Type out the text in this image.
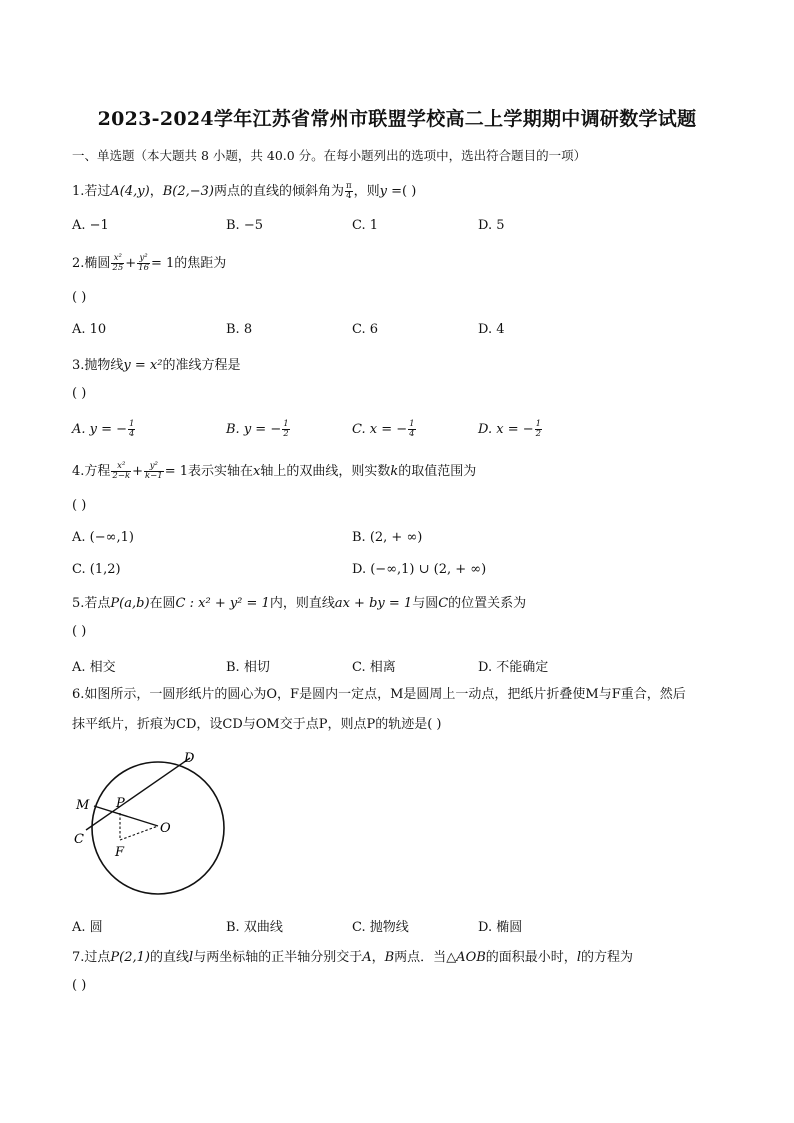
2023-2024学年江苏省常州市联盟学校高二上学期期中调研数学试题
一、单选题（本大题共 8 小题，共 40.0 分。在每小题列出的选项中，选出符合题目的一项）
1.若过A(4,y)，B(2,−3)两点的直线的倾斜角为 $\frac{\pi}{4}$ ，则y =( )
A. −1	B. −5	C. 1	D. 5
2.椭圆 $\frac{\text{x²}}{25} + \frac{\text{y²}}{16} = 1$的焦距为
( )
A. 10	B. 8	C. 6	D. 4
3.抛物线y = x²的准线方程是
( )
A. y = − $\frac{1}{4}$	B. y = − $\frac{1}{2}$	C. x = − $\frac{1}{4}$	D. x = − $\frac{1}{2}$
4.方程 $\frac{\text{x²}}{2-k} + \frac{\text{y²}}{k-1} = 1$表示实轴在x轴上的双曲线，则实数k的取值范围为
( )
A. (−∞,1)	B. (2, + ∞)
C. (1,2)	D. (−∞,1) ∪ (2, + ∞)
5.若点P(a,b)在圆C : x² + y² = 1内，则直线ax + by = 1与圆C的位置关系为
( )
A. 相交	B. 相切	C. 相离	D. 不能确定
6.如图所示，一圆形纸片的圆心为O，F是圆内一定点，M是圆周上一动点，把纸片折叠使M与F重合，然后
抹平纸片，折痕为CD，设CD与OM交于点P，则点P的轨迹是( )
D
M P
O
C
F
A. 圆	B. 双曲线	C. 抛物线	D. 椭圆
7.过点P(2,1)的直线l与两坐标轴的正半轴分别交于A，B两点．当△AOB的面积最小时，l的方程为
( )
